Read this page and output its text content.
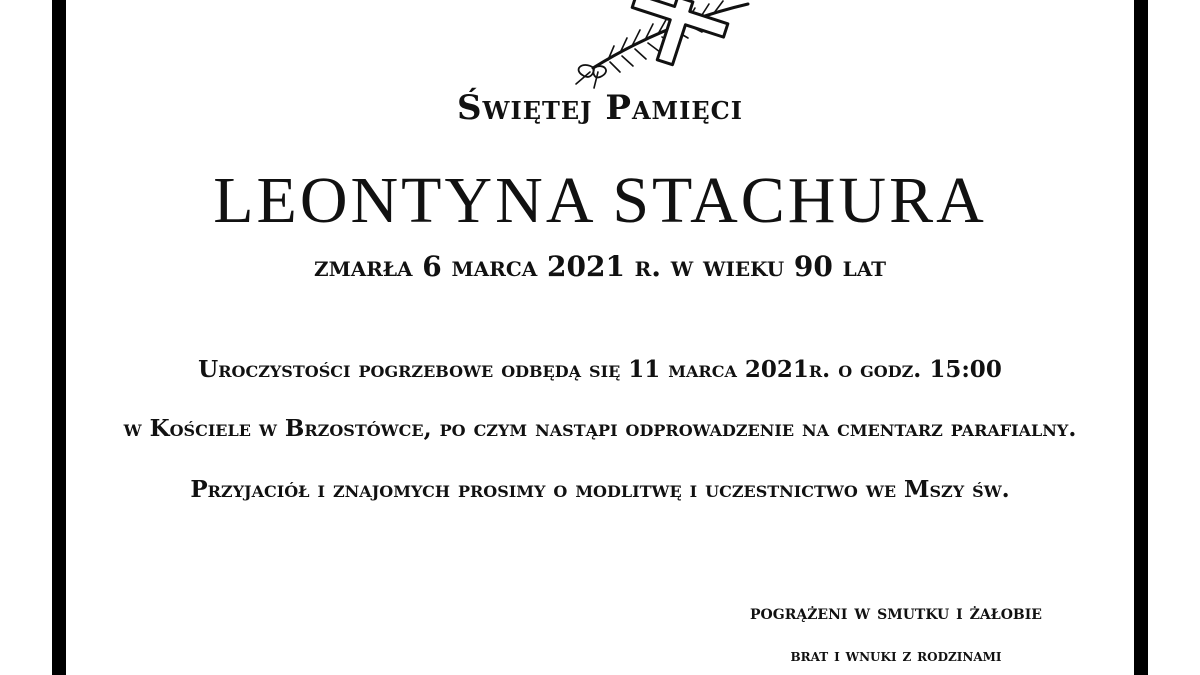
Świętej Pamięci
LEONTYNA STACHURA
zmarła 6 marca 2021 r. w wieku 90 lat
Uroczystości pogrzebowe odbędą się 11 marca 2021r. o godz. 15:00
w Kościele w Brzostówce, po czym nastąpi odprowadzenie na cmentarz parafialny.
Przyjaciół i znajomych prosimy o modlitwę i uczestnictwo we Mszy św.
pogrążeni w smutku i żałobie
brat i wnuki z rodzinami
